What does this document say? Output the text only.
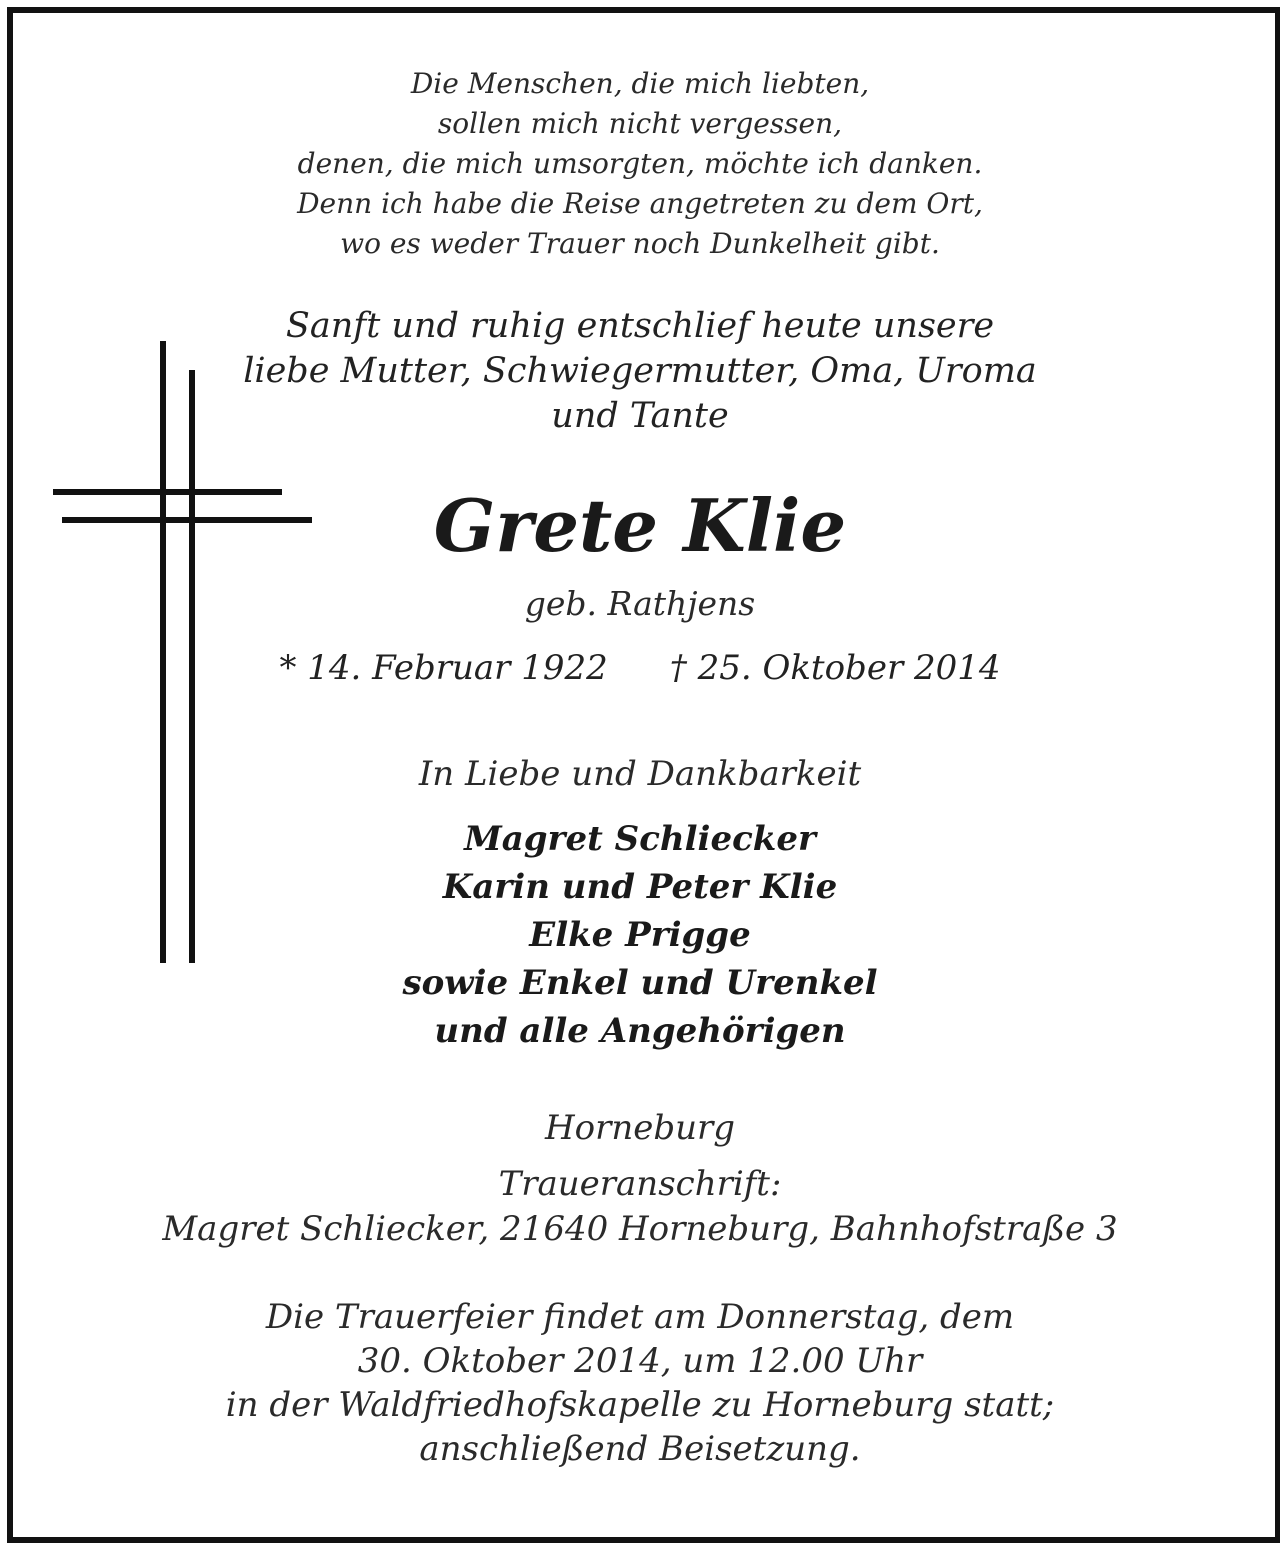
Die Menschen, die mich liebten,
sollen mich nicht vergessen,
denen, die mich umsorgten, möchte ich danken.
Denn ich habe die Reise angetreten zu dem Ort,
wo es weder Trauer noch Dunkelheit gibt.
Sanft und ruhig entschlief heute unsere
liebe Mutter, Schwiegermutter, Oma, Uroma
und Tante
Grete Klie
geb. Rathjens
* 14. Februar 1922 † 25. Oktober 2014
In Liebe und Dankbarkeit
Magret Schliecker
Karin und Peter Klie
Elke Prigge
sowie Enkel und Urenkel
und alle Angehörigen
Horneburg
Traueranschrift:
Magret Schliecker, 21640 Horneburg, Bahnhofstraße 3
Die Trauerfeier findet am Donnerstag, dem
30. Oktober 2014, um 12.00 Uhr
in der Waldfriedhofskapelle zu Horneburg statt;
anschließend Beisetzung.
